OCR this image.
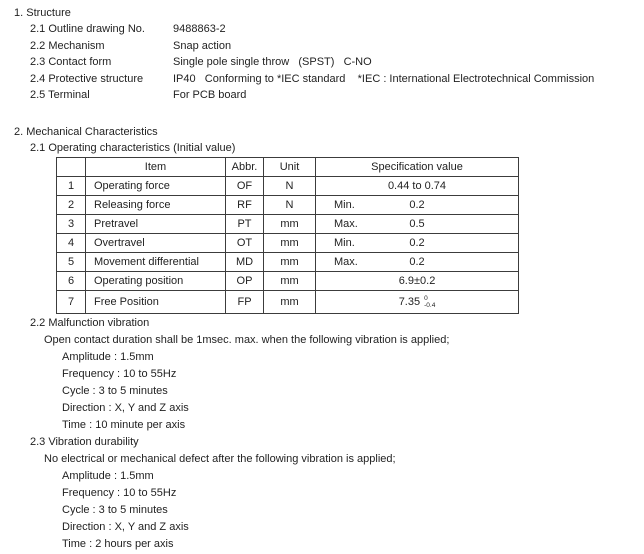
1. Structure
2.1 Outline drawing No.	9488863-2
2.2 Mechanism	Snap action
2.3 Contact form	Single pole single throw   (SPST)   C-NO
2.4 Protective structure	IP40   Conforming to *IEC standard    *IEC : International Electrotechnical Commission
2.5 Terminal	For PCB board
2. Mechanical Characteristics
2.1 Operating characteristics (Initial value)
	Item	Abbr.	Unit	Specification value
1	Operating force	OF	N	0.44 to 0.74

2	Releasing force	RF	N	Min. 0.2

3	Pretravel	PT	mm	Max. 0.5

4	Overtravel	OT	mm	Min. 0.2

5	Movement differential	MD	mm	Max. 0.2

6	Operating position	OP	mm	6.9±0.2

7	Free Position	FP	mm	7.35 0
-0.4
2.2 Malfunction vibration
Open contact duration shall be 1msec. max. when the following vibration is applied;
Amplitude : 1.5mm
Frequency : 10 to 55Hz
Cycle : 3 to 5 minutes
Direction : X, Y and Z axis
Time : 10 minute per axis
2.3 Vibration durability
No electrical or mechanical defect after the following vibration is applied;
Amplitude : 1.5mm
Frequency : 10 to 55Hz
Cycle : 3 to 5 minutes
Direction : X, Y and Z axis
Time : 2 hours per axis
